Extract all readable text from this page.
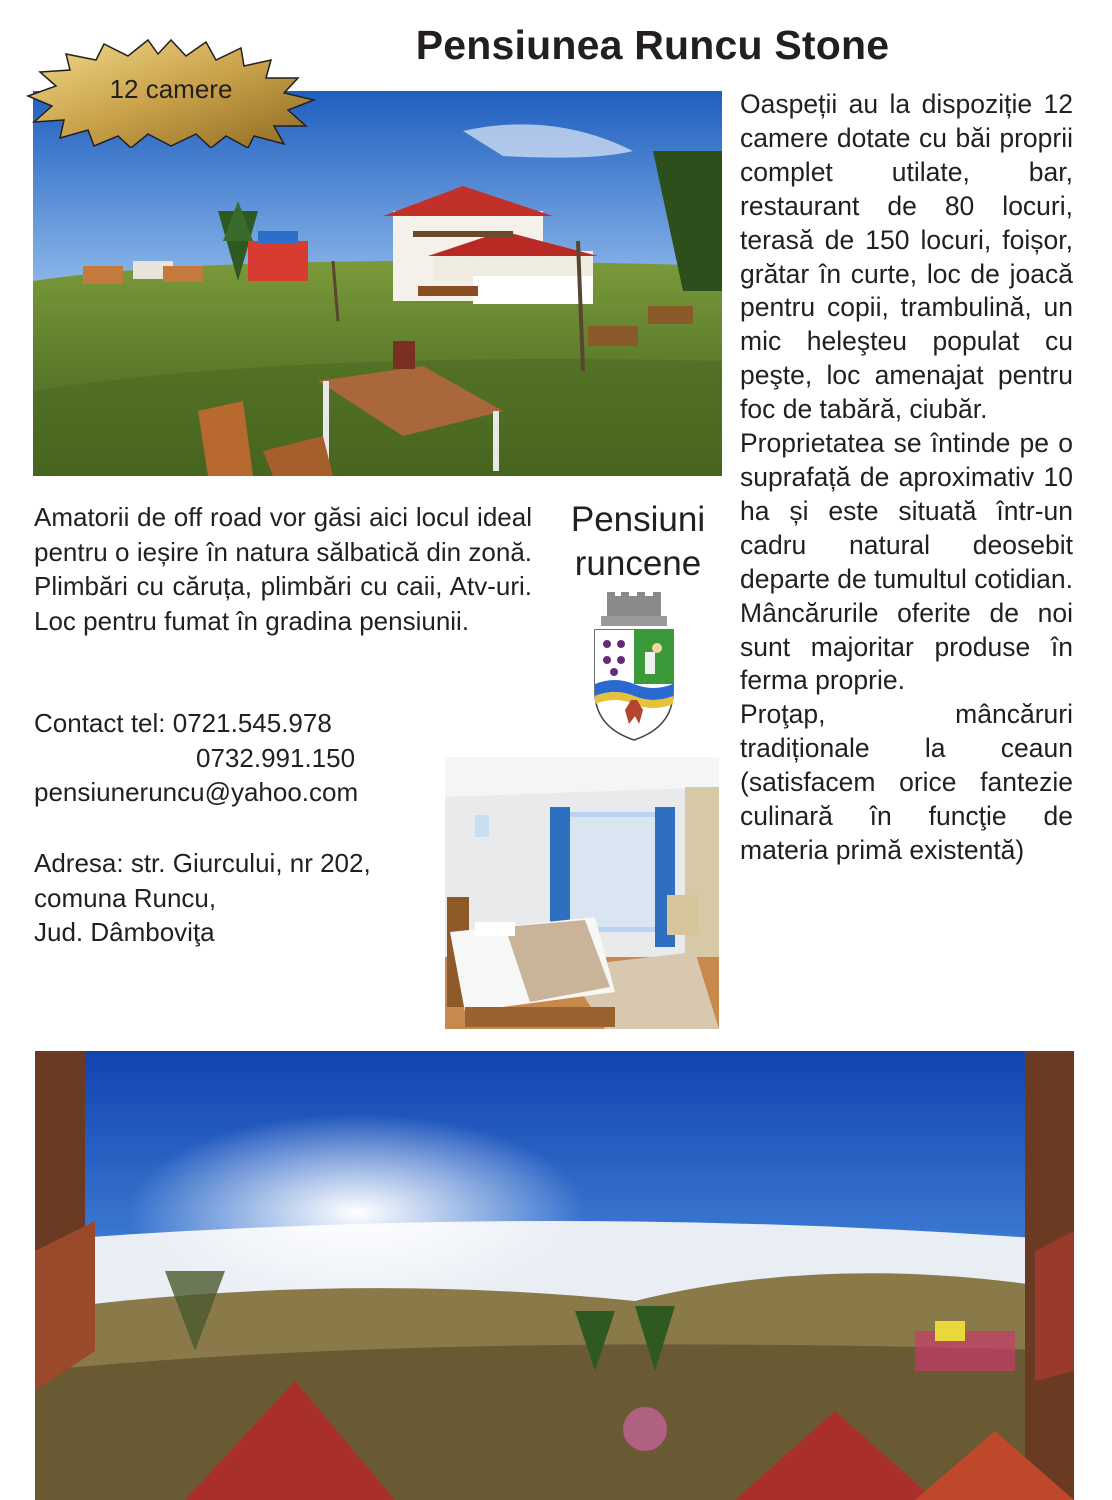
Pensiunea Runcu Stone
12 camere	Oaspeții au la dispoziție 12 camere dotate cu băi proprii complet utilate, bar, restaurant de 80 locuri, terasă de 150 locuri, foișor, grătar în curte, loc de joacă pentru copii, trambulină, un mic heleşteu populat cu peşte, loc amenajat pentru foc de tabără, ciubăr.

Proprietatea se întinde pe o suprafață de aproximativ 10 ha și este situată într-un cadru natural deosebit departe de tumultul cotidian.

Mâncărurile oferite de noi sunt majoritar produse în ferma proprie.

Proţap, mâncăruri tradiționale la ceaun (satisfacem orice fantezie culinară în funcţie de materia primă existentă)

Amatorii de off road vor găsi aici locul ideal pentru o ieșire în natura sălbatică din zonă. Plimbări cu căruța, plimbări cu caii, Atv-uri. Loc pentru fumat în gradina pensiunii.

Contact tel: 0721.545.978
0732.991.150
pensiuneruncu@yahoo.com
Adresa: str. Giurcului, nr 202,
comuna Runcu,
Jud. Dâmboviţa
Pensiuni
runcene
